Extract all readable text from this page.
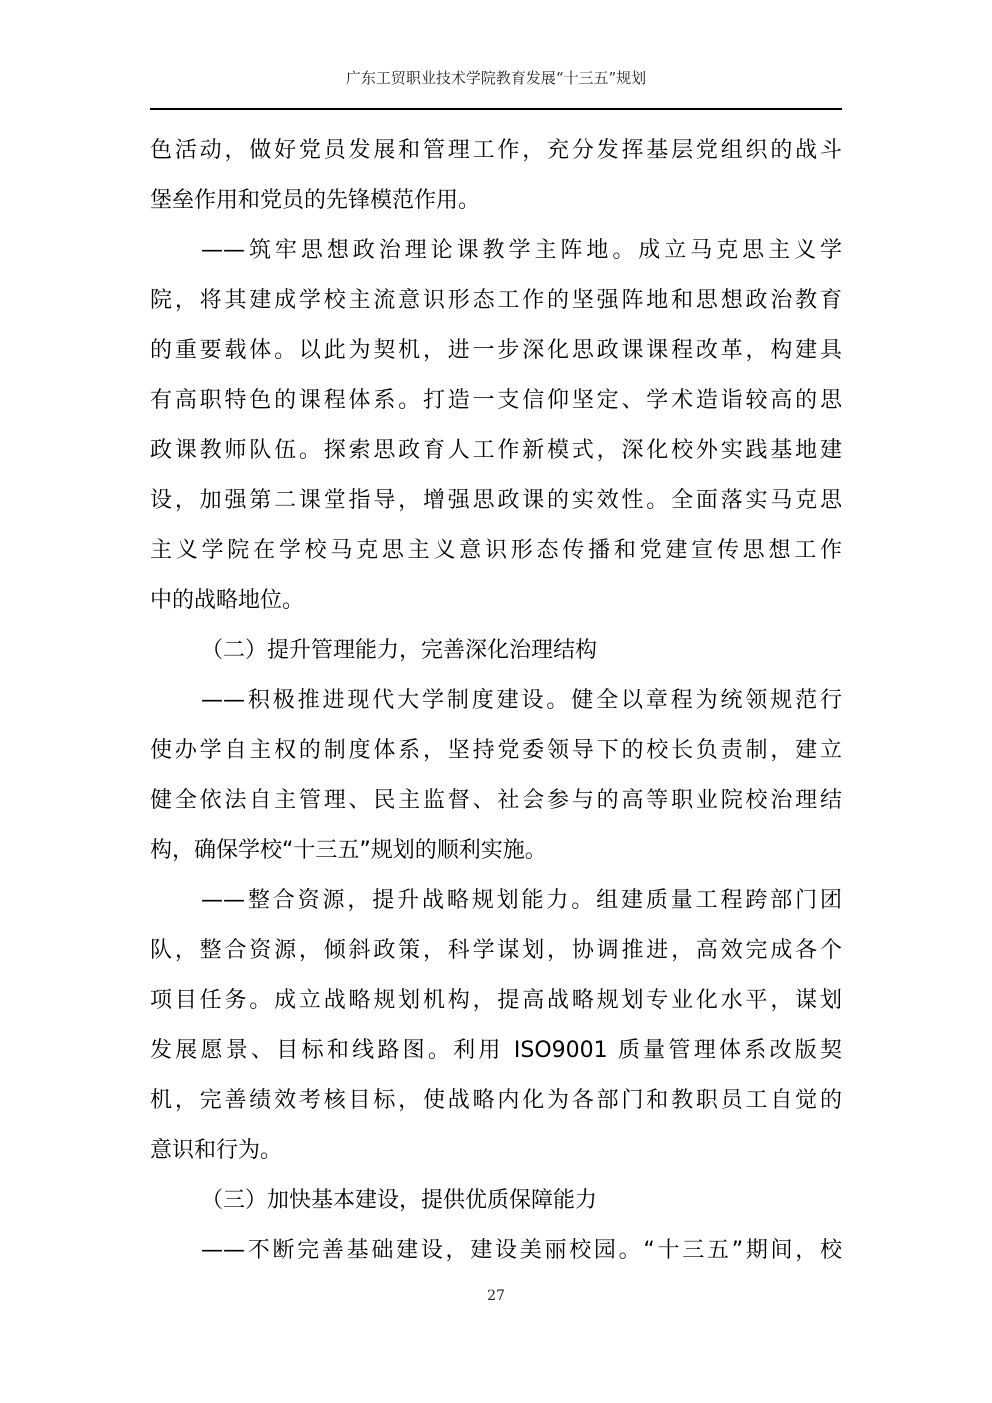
广东工贸职业技术学院教育发展“十三五”规划
色活动，做好党员发展和管理工作，充分发挥基层党组织的战斗
堡垒作用和党员的先锋模范作用。
——筑牢思想政治理论课教学主阵地。成立马克思主义学
院，将其建成学校主流意识形态工作的坚强阵地和思想政治教育
的重要载体。以此为契机，进一步深化思政课课程改革，构建具
有高职特色的课程体系。打造一支信仰坚定、学术造诣较高的思
政课教师队伍。探索思政育人工作新模式，深化校外实践基地建
设，加强第二课堂指导，增强思政课的实效性。全面落实马克思
主义学院在学校马克思主义意识形态传播和党建宣传思想工作
中的战略地位。
（二）提升管理能力，完善深化治理结构
——积极推进现代大学制度建设。健全以章程为统领规范行
使办学自主权的制度体系，坚持党委领导下的校长负责制，建立
健全依法自主管理、民主监督、社会参与的高等职业院校治理结
构，确保学校“十三五”规划的顺利实施。
——整合资源，提升战略规划能力。组建质量工程跨部门团
队，整合资源，倾斜政策，科学谋划，协调推进，高效完成各个
项目任务。成立战略规划机构，提高战略规划专业化水平，谋划
发展愿景、目标和线路图。利用 ISO9001 质量管理体系改版契
机，完善绩效考核目标，使战略内化为各部门和教职员工自觉的
意识和行为。
（三）加快基本建设，提供优质保障能力
——不断完善基础建设，建设美丽校园。“十三五”期间，校
27
